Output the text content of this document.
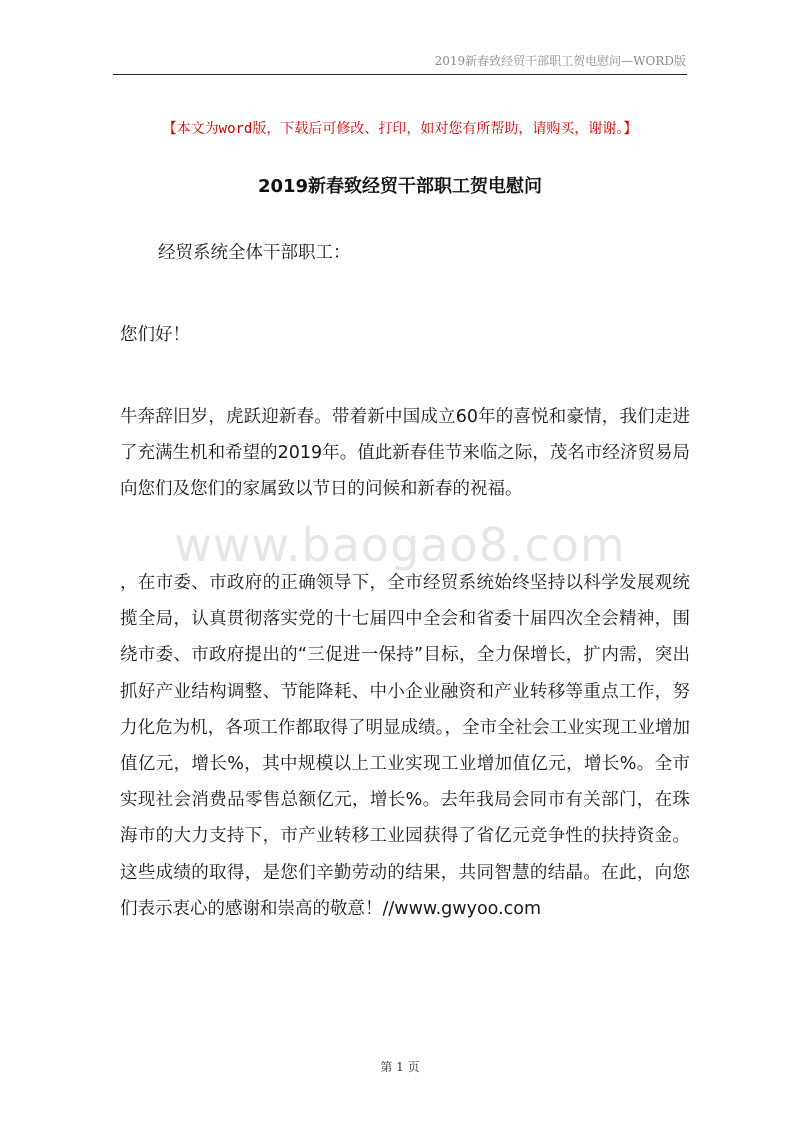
2019新春致经贸干部职工贺电慰问—WORD版
【本文为word版，下载后可修改、打印，如对您有所帮助，请购买，谢谢。】
2019新春致经贸干部职工贺电慰问

经贸系统全体干部职工：

您们好！

www.baogao8.com

牛奔辞旧岁，虎跃迎新春。带着新中国成立60年的喜悦和豪情，我们走进了充满生机和希望的2019年。值此新春佳节来临之际，茂名市经济贸易局向您们及您们的家属致以节日的问候和新春的祝福。

，在市委、市政府的正确领导下，全市经贸系统始终坚持以科学发展观统揽全局，认真贯彻落实党的十七届四中全会和省委十届四次全会精神，围绕市委、市政府提出的“三促进一保持”目标，全力保增长，扩内需，突出抓好产业结构调整、节能降耗、中小企业融资和产业转移等重点工作，努力化危为机，各项工作都取得了明显成绩。，全市全社会工业实现工业增加值亿元，增长%，其中规模以上工业实现工业增加值亿元，增长%。全市实现社会消费品零售总额亿元，增长%。去年我局会同市有关部门，在珠海市的大力支持下，市产业转移工业园获得了省亿元竞争性的扶持资金。这些成绩的取得，是您们辛勤劳动的结果，共同智慧的结晶。在此，向您们表示衷心的感谢和崇高的敬意！//www.gwyoo.com

第 1 页
